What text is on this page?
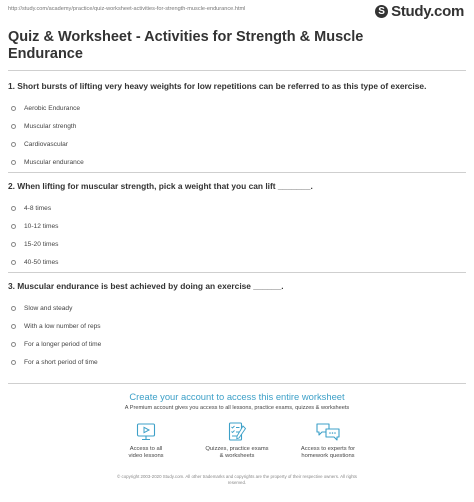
http://study.com/academy/practice/quiz-worksheet-activities-for-strength-muscle-endurance.html	S Study.com
Quiz & Worksheet - Activities for Strength & Muscle Endurance
1. Short bursts of lifting very heavy weights for low repetitions can be referred to as this type of exercise.
Aerobic Endurance
Muscular strength
Cardiovascular
Muscular endurance
2. When lifting for muscular strength, pick a weight that you can lift _______.
4-8 times
10-12 times
15-20 times
40-50 times
3. Muscular endurance is best achieved by doing an exercise ______.
Slow and steady
With a low number of reps
For a longer period of time
For a short period of time
Create your account to access this entire worksheet
A Premium account gives you access to all lessons, practice exams, quizzes & worksheets
Access to all
video lessons
Quizzes, practice exams
& worksheets
Access to experts for
homework questions
© copyright 2003-2020 Study.com. All other trademarks and copyrights are the property of their respective owners. All rights
reserved.
